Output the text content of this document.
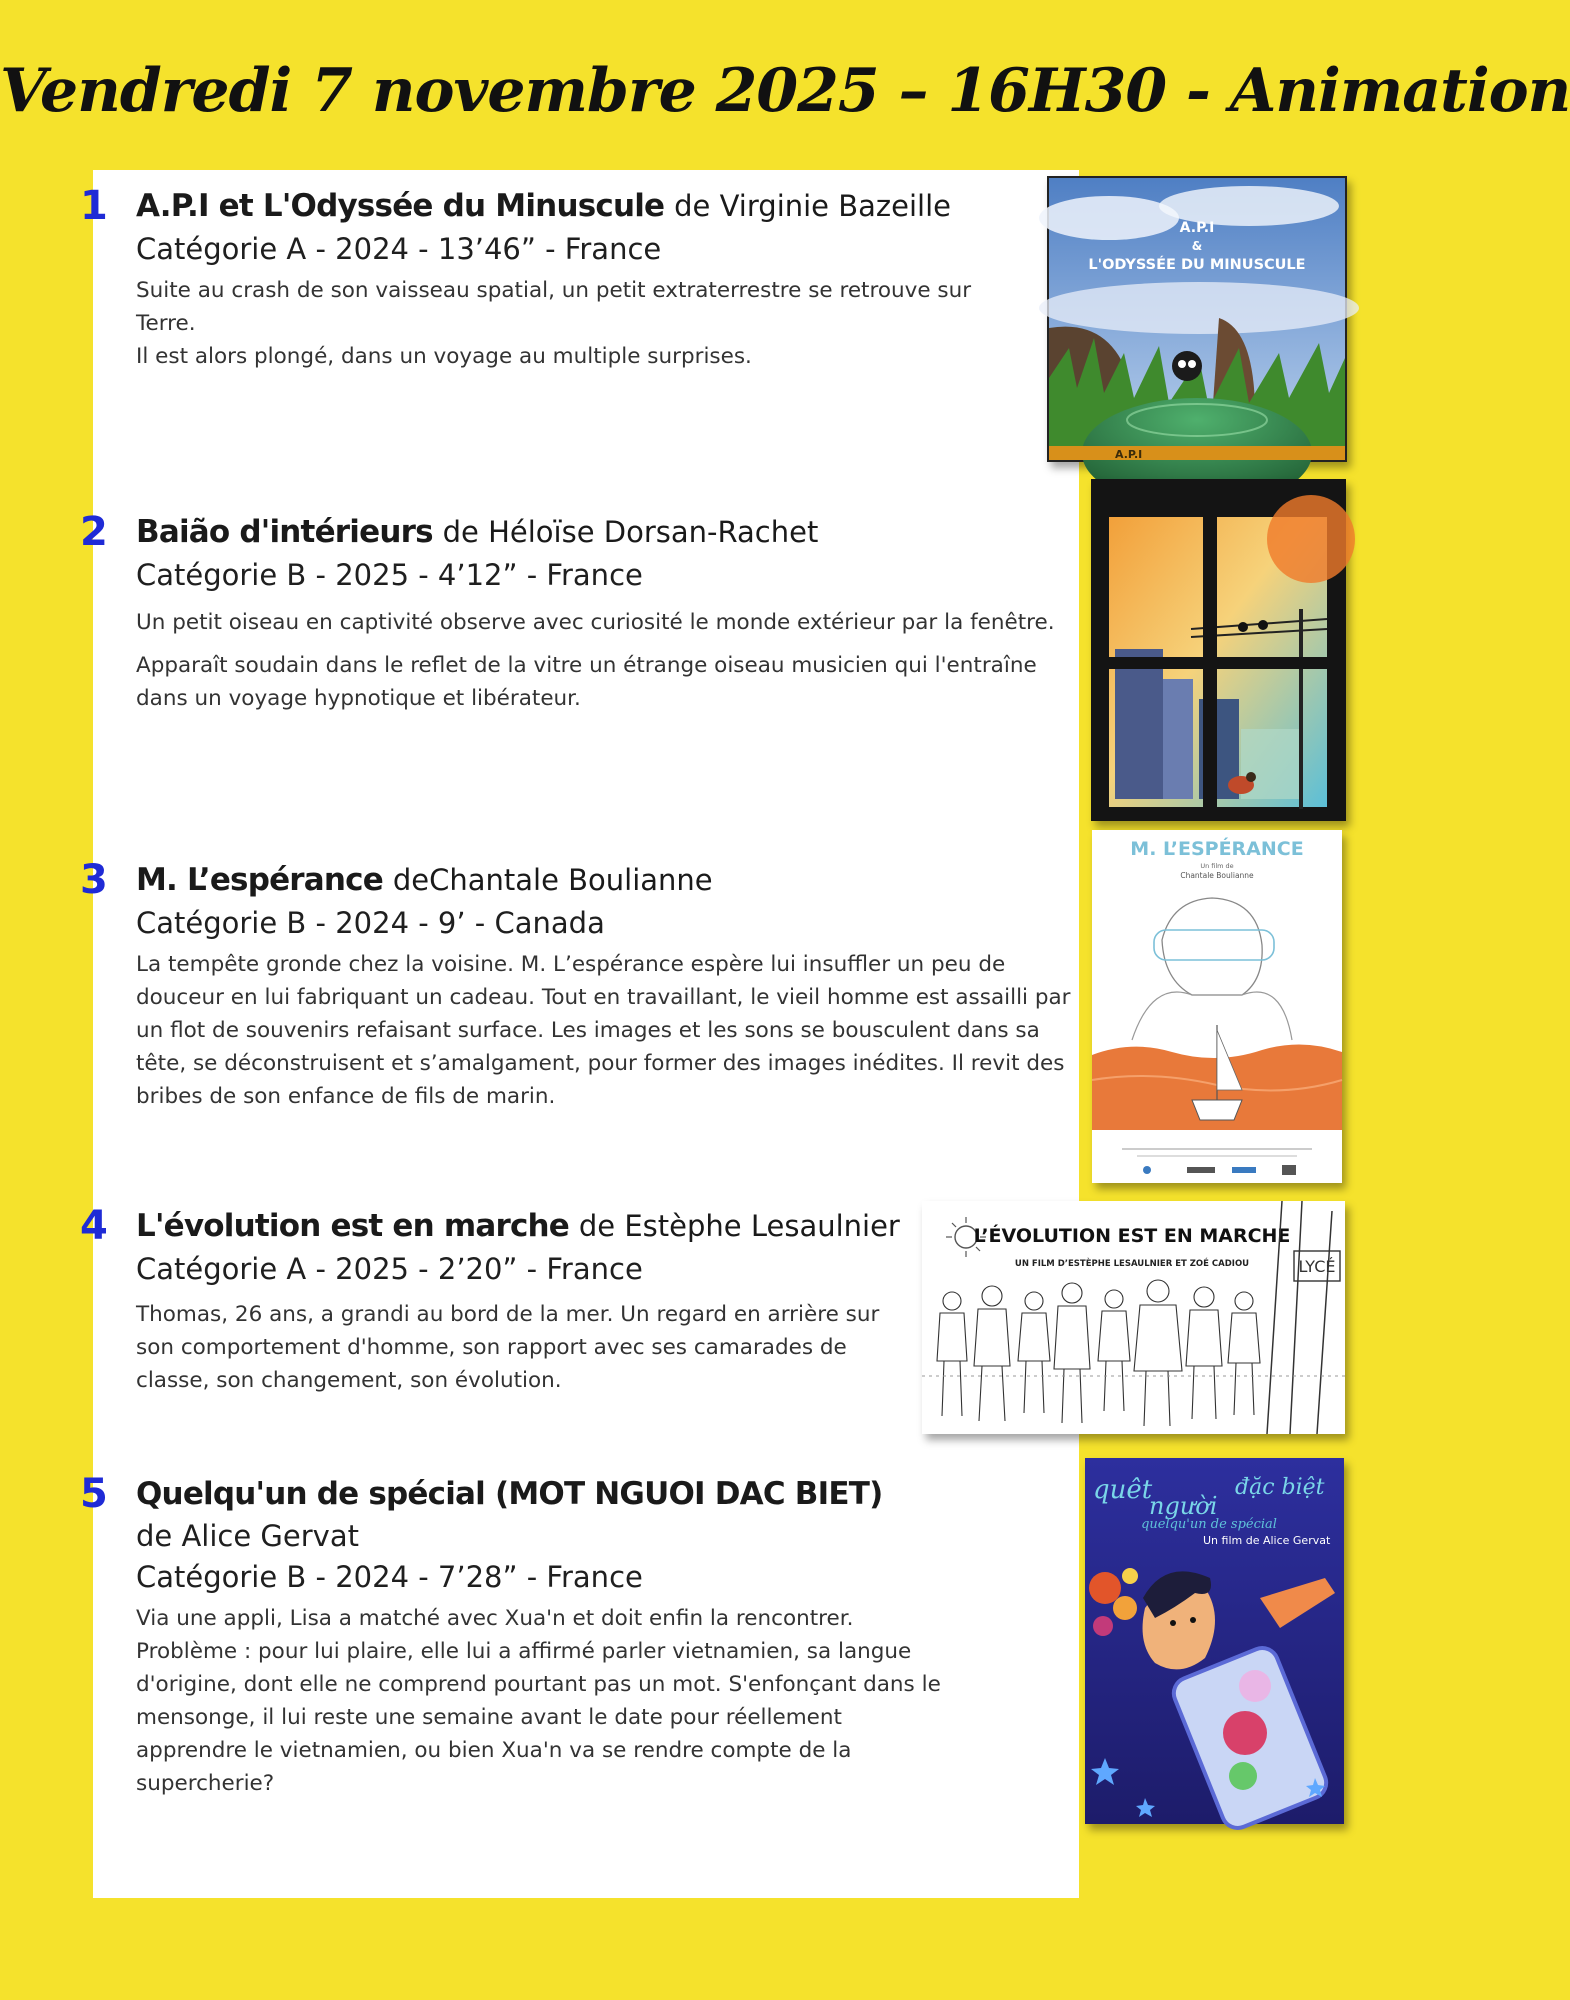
Vendredi 7 novembre 2025 – 16H30 - Animation
1 A.P.I et L'Odyssée du Minuscule de Virginie Bazeille
Catégorie A - 2024 - 13’46” - France

Suite au crash de son vaisseau spatial, un petit extraterrestre se retrouve sur Terre.

Il est alors plongé, dans un voyage au multiple surprises.

A.P.I
A.P.I
&
L'ODYSSÉE DU MINUSCULE
2 Baião d'intérieurs de Héloïse Dorsan-Rachet
Catégorie B - 2025 - 4’12” - France

Un petit oiseau en captivité observe avec curiosité le monde extérieur par la fenêtre.

Apparaît soudain dans le reflet de la vitre un étrange oiseau musicien qui l'entraîne dans un voyage hypnotique et libérateur.

3 M. L’espérance deChantale Boulianne
Catégorie B - 2024 - 9’ - Canada

La tempête gronde chez la voisine. M. L’espérance espère lui insuffler un peu de douceur en lui fabriquant un cadeau. Tout en travaillant, le vieil homme est assailli par un flot de souvenirs refaisant surface. Les images et les sons se bousculent dans sa tête, se déconstruisent et s’amalgament, pour former des images inédites. Il revit des bribes de son enfance de fils de marin.

M. L’ESPÉRANCE
Un film de
Chantale Boulianne
4 L'évolution est en marche de Estèphe Lesaulnier
Catégorie A - 2025 - 2’20” - France

Thomas, 26 ans, a grandi au bord de la mer. Un regard en arrière sur son comportement d'homme, son rapport avec ses camarades de classe, son changement, son évolution.

L’ÉVOLUTION EST EN MARCHE
UN FILM D’ESTÈPHE LESAULNIER ET ZOÉ CADIOU	LYCÉ
5 Quelqu'un de spécial (MOT NGUOI DAC BIET)
de Alice Gervat
Catégorie B - 2024 - 7’28” - France

Via une appli, Lisa a matché avec Xua'n et doit enfin la rencontrer. Problème : pour lui plaire, elle lui a affirmé parler vietnamien, sa langue d'origine, dont elle ne comprend pourtant pas un mot. S'enfonçant dans le mensonge, il lui reste une semaine avant le date pour réellement apprendre le vietnamien, ou bien Xua'n va se rendre compte de la supercherie?

quêt
người
đặc biệt
quelqu'un de spécial
Un film de Alice Gervat
